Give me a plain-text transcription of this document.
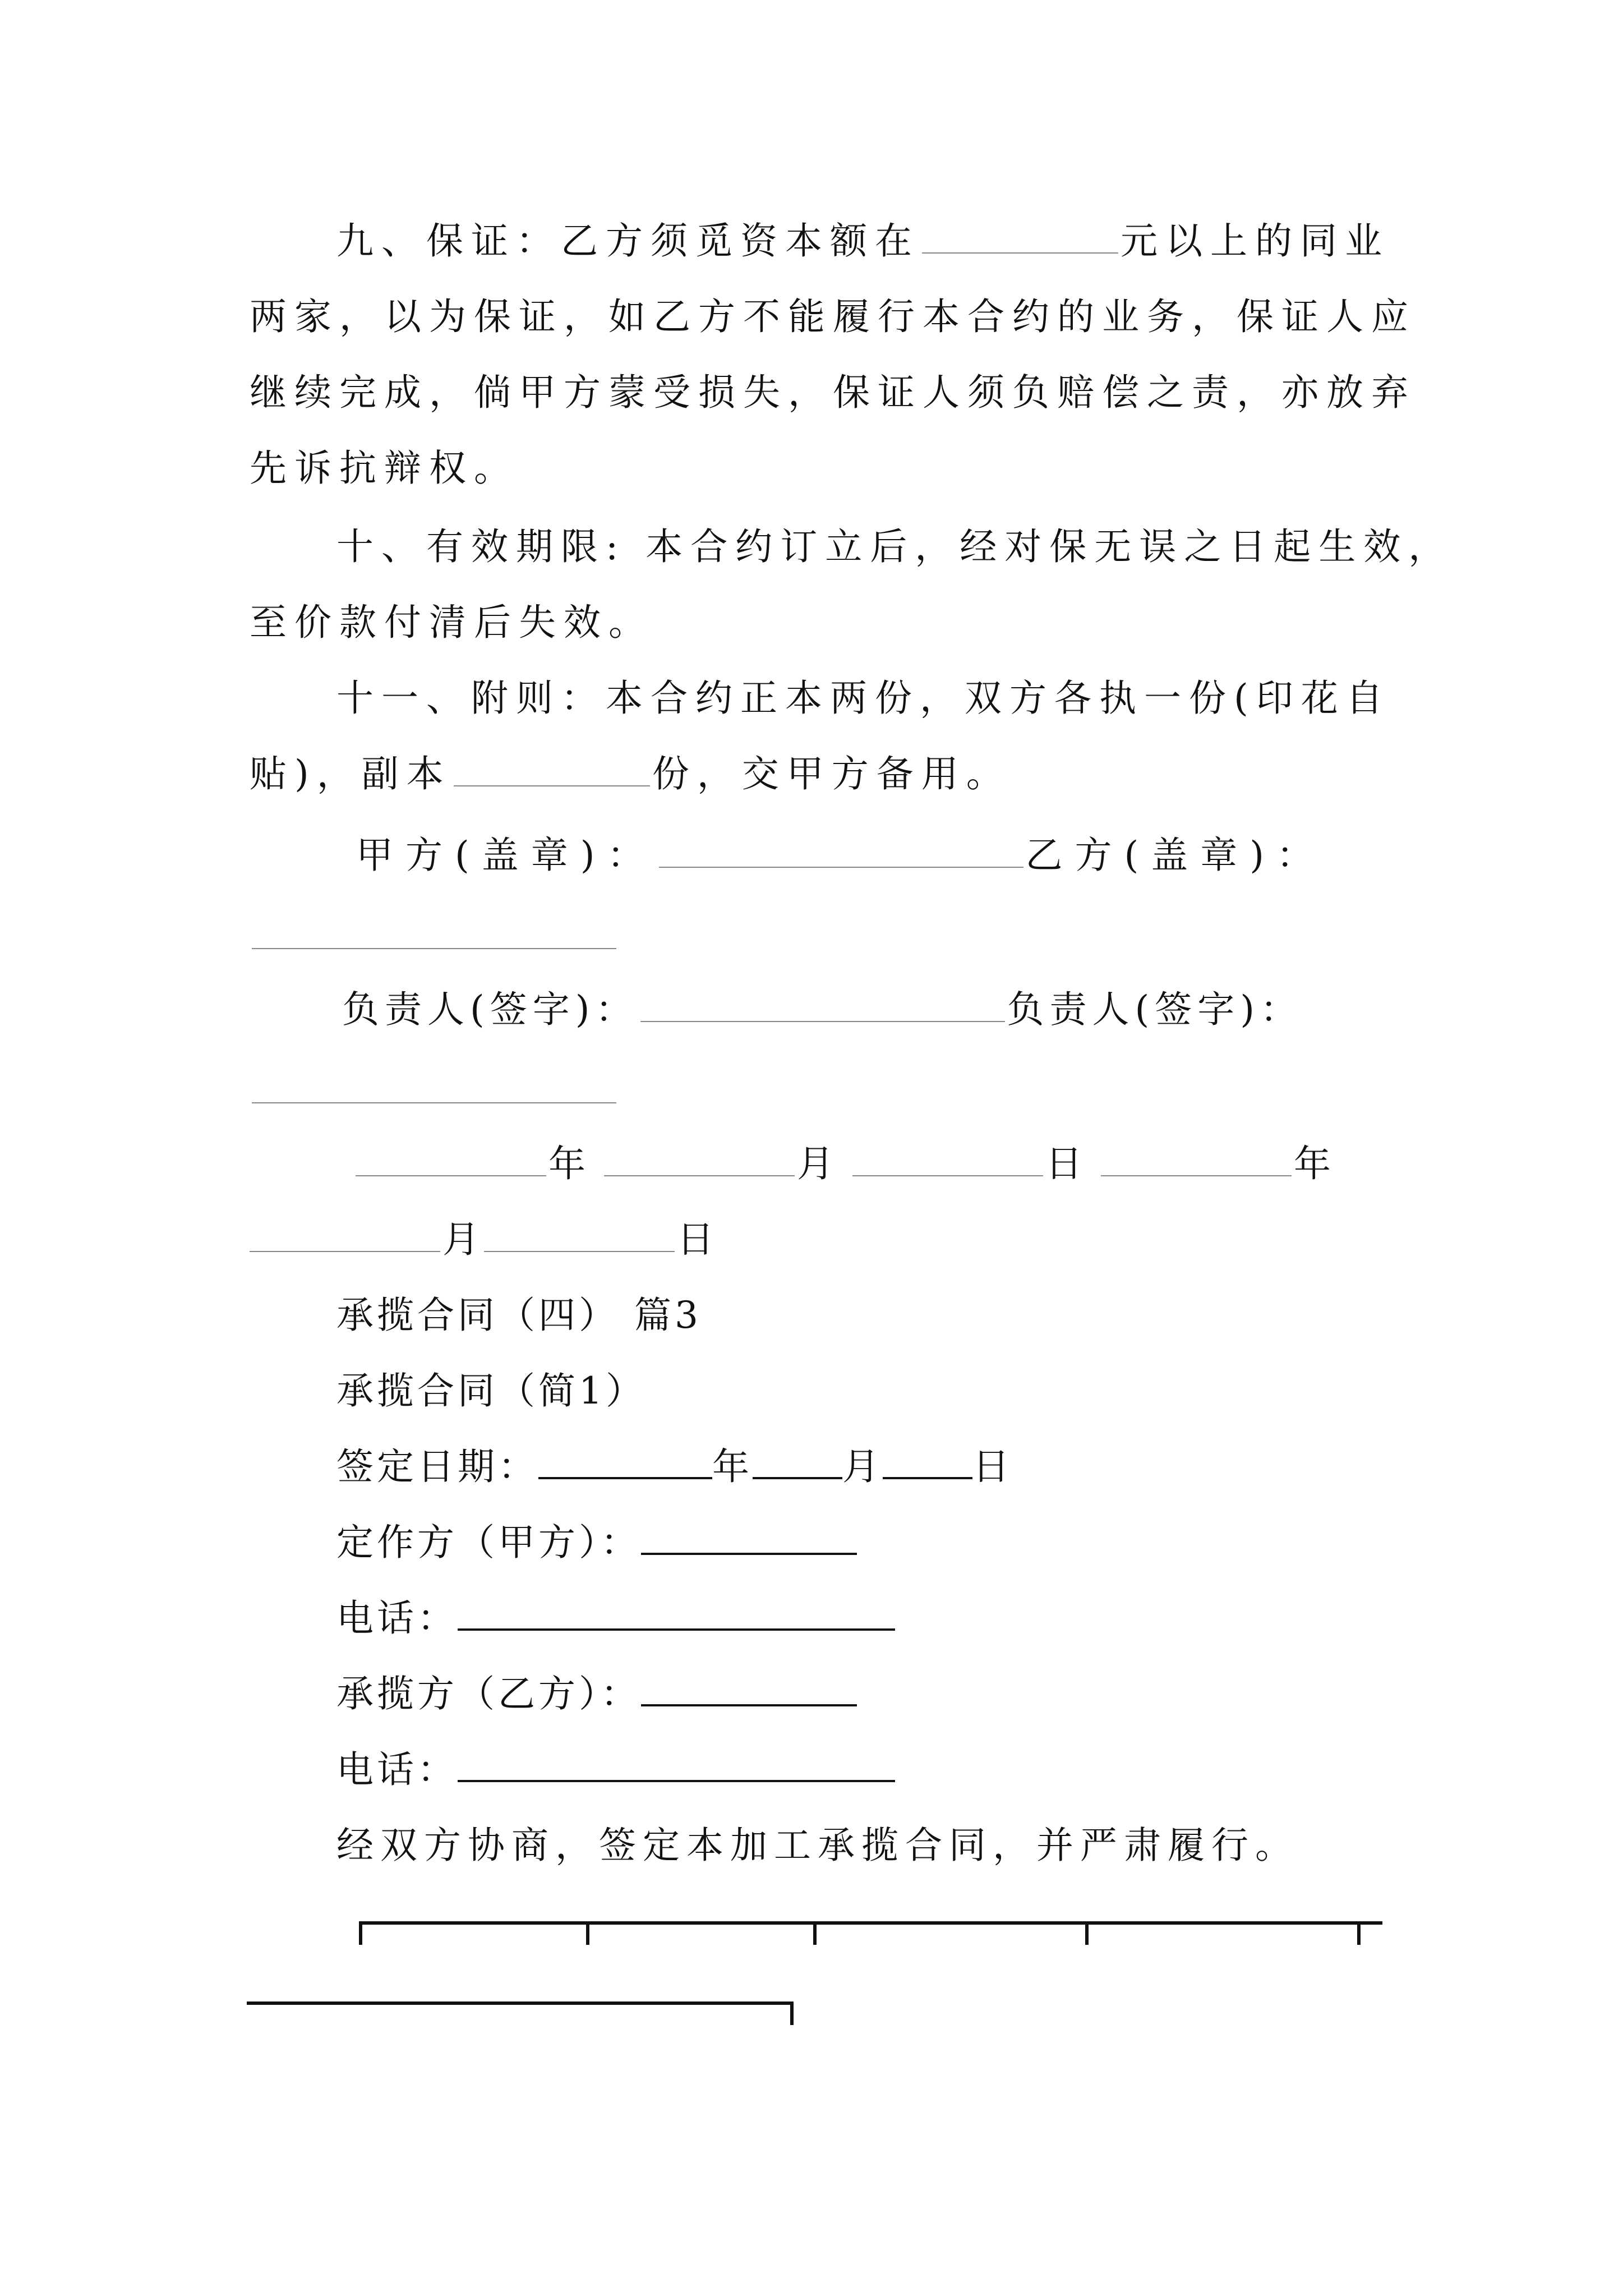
九、保证：乙方须觅资本额在	元以上的同业
两家，以为保证，如乙方不能履行本合约的业务，保证人应
继续完成，倘甲方蒙受损失，保证人须负赔偿之责，亦放弃
先诉抗辩权。
十、有效期限: 本合约订立后，经对保无误之日起生效，
至价款付清后失效。
十一、附则：本合约正本两份，双方各执一份(印花自
贴)，副本	份，交甲方备用。
甲方(盖章)：	乙方(盖章)：
负责人(签字)：	负责人(签字)：
年	月	日	年
月	日
承揽合同（四） 篇3
承揽合同（简1）
签定日期：	年 月 日
定作方（甲方）：
电话：
承揽方（乙方）：
电话：
经双方协商，签定本加工承揽合同，并严肃履行。
